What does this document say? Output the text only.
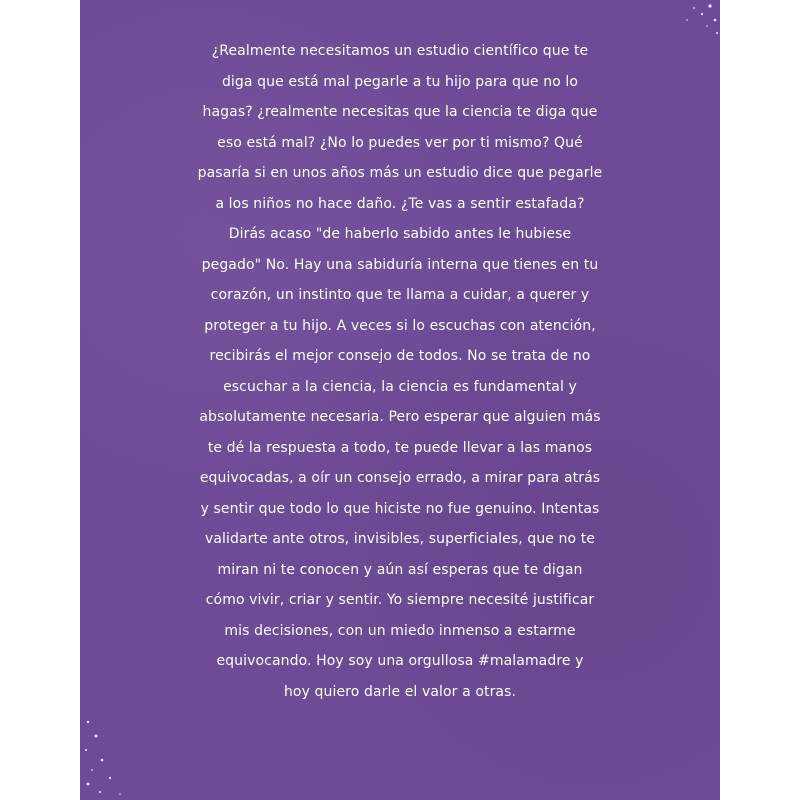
¿Realmente necesitamos un estudio científico que te
diga que está mal pegarle a tu hijo para que no lo
hagas? ¿realmente necesitas que la ciencia te diga que
eso está mal? ¿No lo puedes ver por ti mismo? Qué
pasaría si en unos años más un estudio dice que pegarle
a los niños no hace daño. ¿Te vas a sentir estafada?
Dirás acaso "de haberlo sabido antes le hubiese
pegado" No. Hay una sabiduría interna que tienes en tu
corazón, un instinto que te llama a cuidar, a querer y
proteger a tu hijo. A veces si lo escuchas con atención,
recibirás el mejor consejo de todos. No se trata de no
escuchar a la ciencia, la ciencia es fundamental y
absolutamente necesaria. Pero esperar que alguien más
te dé la respuesta a todo, te puede llevar a las manos
equivocadas, a oír un consejo errado, a mirar para atrás
y sentir que todo lo que hiciste no fue genuino. Intentas
validarte ante otros, invisibles, superficiales, que no te
miran ni te conocen y aún así esperas que te digan
cómo vivir, criar y sentir. Yo siempre necesité justificar
mis decisiones, con un miedo inmenso a estarme
equivocando. Hoy soy una orgullosa #malamadre y
hoy quiero darle el valor a otras.
